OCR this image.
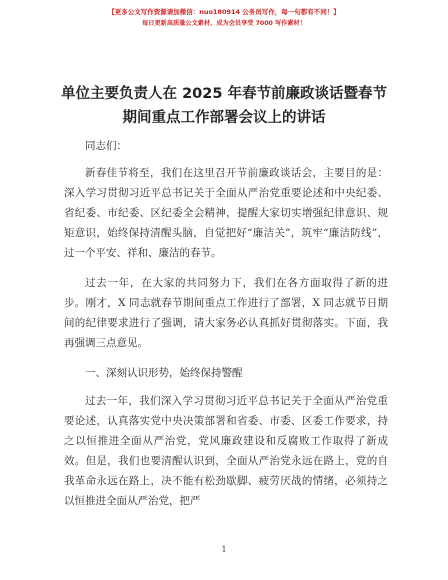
【更多公文写作资源请加微信：nuo180914 公务员写作，每一句都有不同！】
每日更新高质量公文素材，成为会员享受 7000 写作素材！
单位主要负责人在 2025 年春节前廉政谈话暨春节期间重点工作部署会议上的讲话

同志们：

新春佳节将至，我们在这里召开节前廉政谈话会，主要目的是：深入学习贯彻习近平总书记关于全面从严治党重要论述和中央纪委、省纪委、市纪委、区纪委全会精神，提醒大家切实增强纪律意识、规矩意识，始终保持清醒头脑，自觉把好“廉洁关”，筑牢“廉洁防线”，过一个平安、祥和、廉洁的春节。

过去一年，在大家的共同努力下，我们在各方面取得了新的进步。刚才，X 同志就春节期间重点工作进行了部署，X 同志就节日期间的纪律要求进行了强调，请大家务必认真抓好贯彻落实。下面，我再强调三点意见。

一、深刻认识形势，始终保持警醒

过去一年，我们深入学习贯彻习近平总书记关于全面从严治党重要论述，认真落实党中央决策部署和省委、市委、区委工作要求，持之以恒推进全面从严治党，党风廉政建设和反腐败工作取得了新成效。但是，我们也要清醒认识到，全面从严治党永远在路上，党的自我革命永远在路上，决不能有松劲歇脚、疲劳厌战的情绪，必须持之以恒推进全面从严治党，把严

1
